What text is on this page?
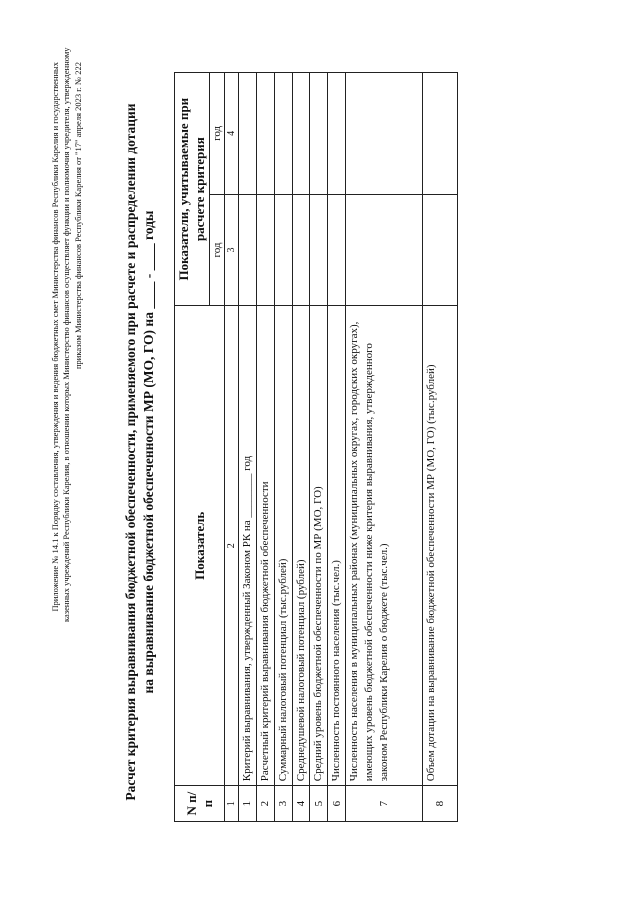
Приложение № 14.1 к Порядку составления, утверждения и ведения бюджетных смет Министерства финансов Республики Карелия и государственных казенных учреждений Республики Карелия, в отношении которых Министерство финансов осуществляет функции и полномочия учредителя, утвержденному приказом Министерства финансов Республики Карелия от "17" апреля 2023 г. № 222	Расчет критерия выравнивания бюджетной обеспеченности, применяемого при расчете и распределении дотации на выравнивание бюджетной обеспеченности МР (МО, ГО) на ____ - ____ годы
N п/п	Показатель	Показатели, учитываемые при расчете критерия	
		год	год
1	2	3	4
1	Критерий выравнивания, утвержденный Законом РК на ________ год		
2	Расчетный критерий выравнивания бюджетной обеспеченности		
3	Суммарный налоговый потенциал (тыс.рублей)		
4	Среднедушевой налоговый потенциал (рублей)		
5	Средний уровень бюджетной обеспеченности по МР (МО, ГО)		
6	Численность постоянного населения (тыс.чел.)		
7	Численность населения в муниципальных районах (муниципальных округах, городских округах), имеющих уровень бюджетной обеспеченности ниже критерия выравнивания, утвержденного законом Республики Карелия о бюджете (тыс.чел.)		
8	Объем дотации на выравнивание бюджетной обеспеченности МР (МО, ГО) (тыс.рублей)		
